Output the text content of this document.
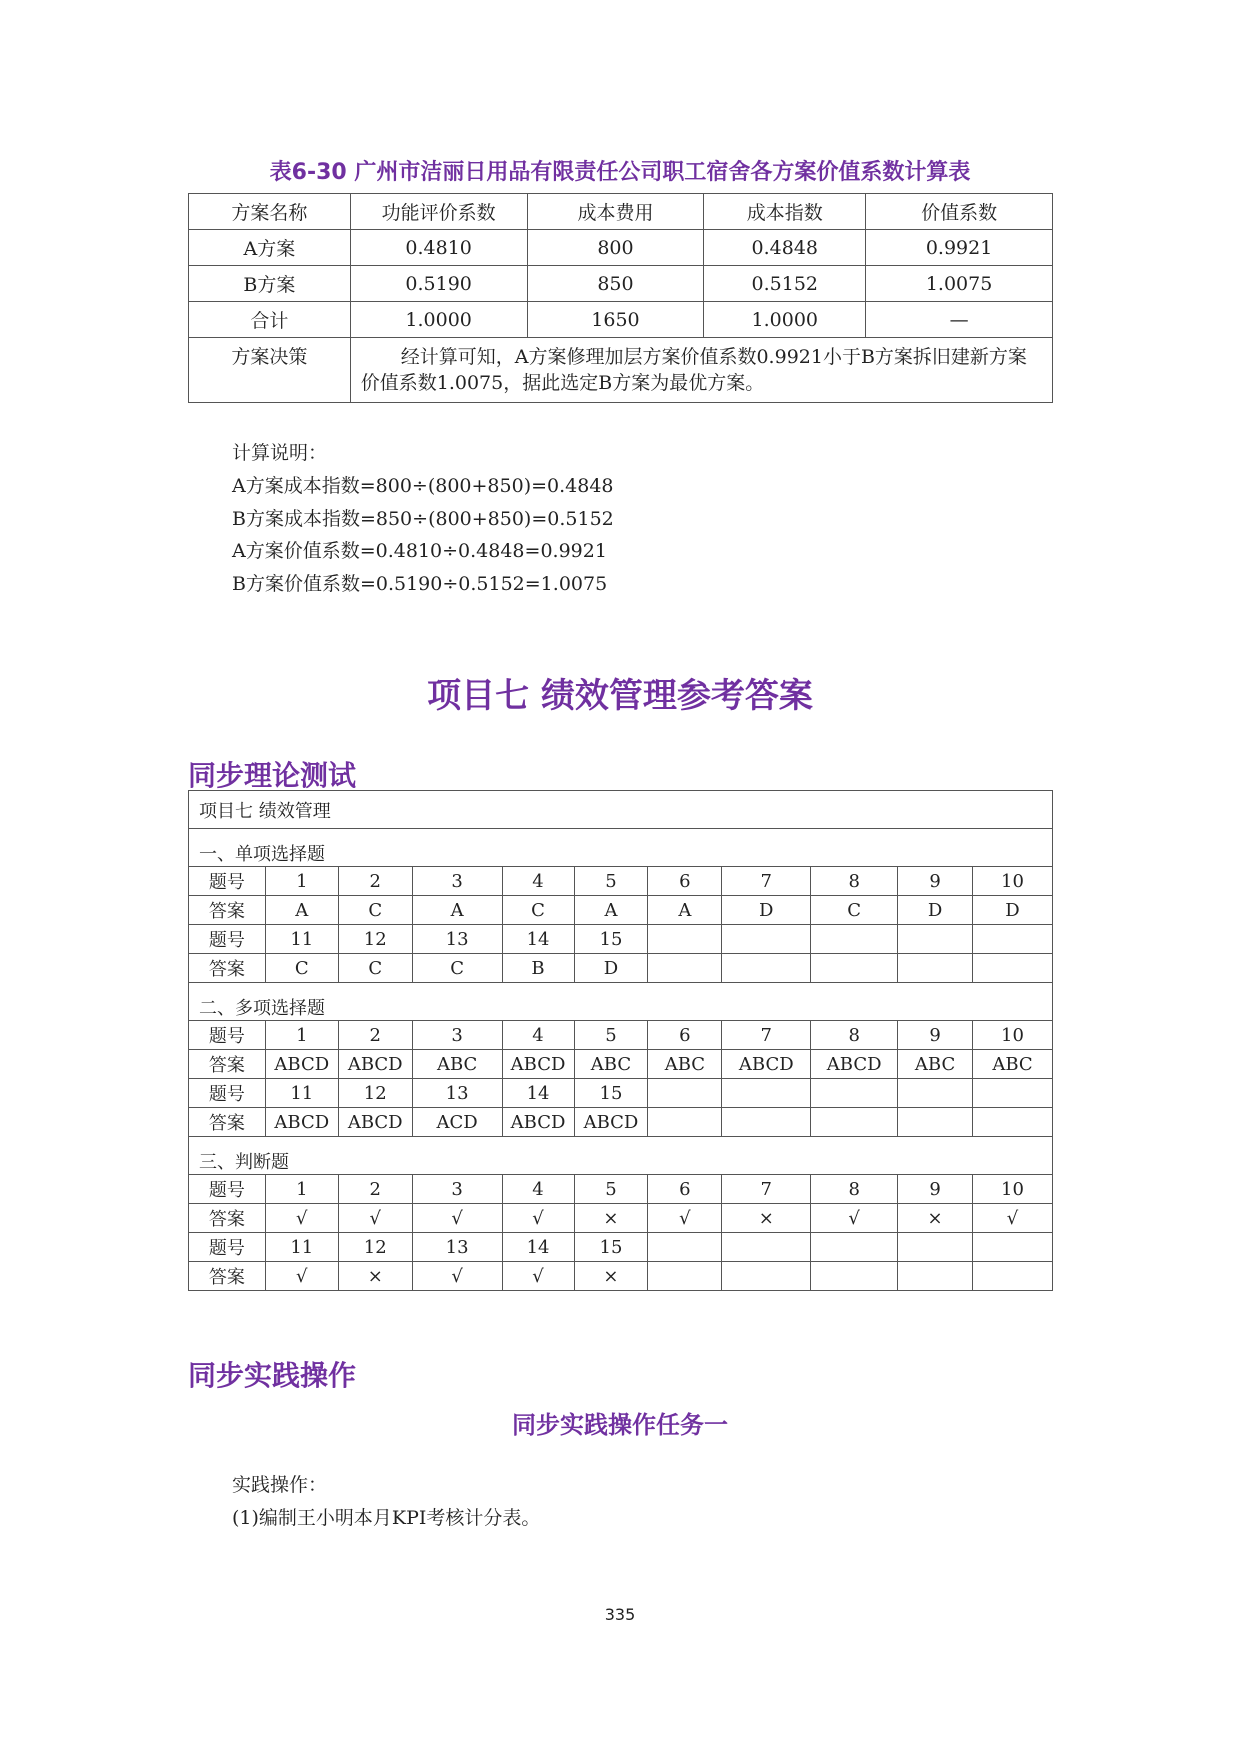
表6-30 广州市洁丽日用品有限责任公司职工宿舍各方案价值系数计算表
方案名称	功能评价系数	成本费用	成本指数	价值系数
A方案	0.4810	800	0.4848	0.9921
B方案	0.5190	850	0.5152	1.0075
合计	1.0000	1650	1.0000	—
方案决策	经计算可知，A方案修理加层方案价值系数0.9921小于B方案拆旧建新方案价值系数1.0075，据此选定B方案为最优方案。			
计算说明：
A方案成本指数=800÷(800+850)=0.4848
B方案成本指数=850÷(800+850)=0.5152
A方案价值系数=0.4810÷0.4848=0.9921
B方案价值系数=0.5190÷0.5152=1.0075
项目七 绩效管理参考答案
同步理论测试
项目七 绩效管理										
一、单项选择题										
题号	1	2	3	4	5	6	7	8	9	10
答案	A	C	A	C	A	A	D	C	D	D
题号	11	12	13	14	15					
答案	C	C	C	B	D					
二、多项选择题										
题号	1	2	3	4	5	6	7	8	9	10
答案	ABCD	ABCD	ABC	ABCD	ABC	ABC	ABCD	ABCD	ABC	ABC
题号	11	12	13	14	15					
答案	ABCD	ABCD	ACD	ABCD	ABCD					
三、判断题										
题号	1	2	3	4	5	6	7	8	9	10
答案	√	√	√	√	×	√	×	√	×	√
题号	11	12	13	14	15					
答案	√	×	√	√	×					
同步实践操作
同步实践操作任务一
实践操作：
(1)编制王小明本月KPI考核计分表。
335
